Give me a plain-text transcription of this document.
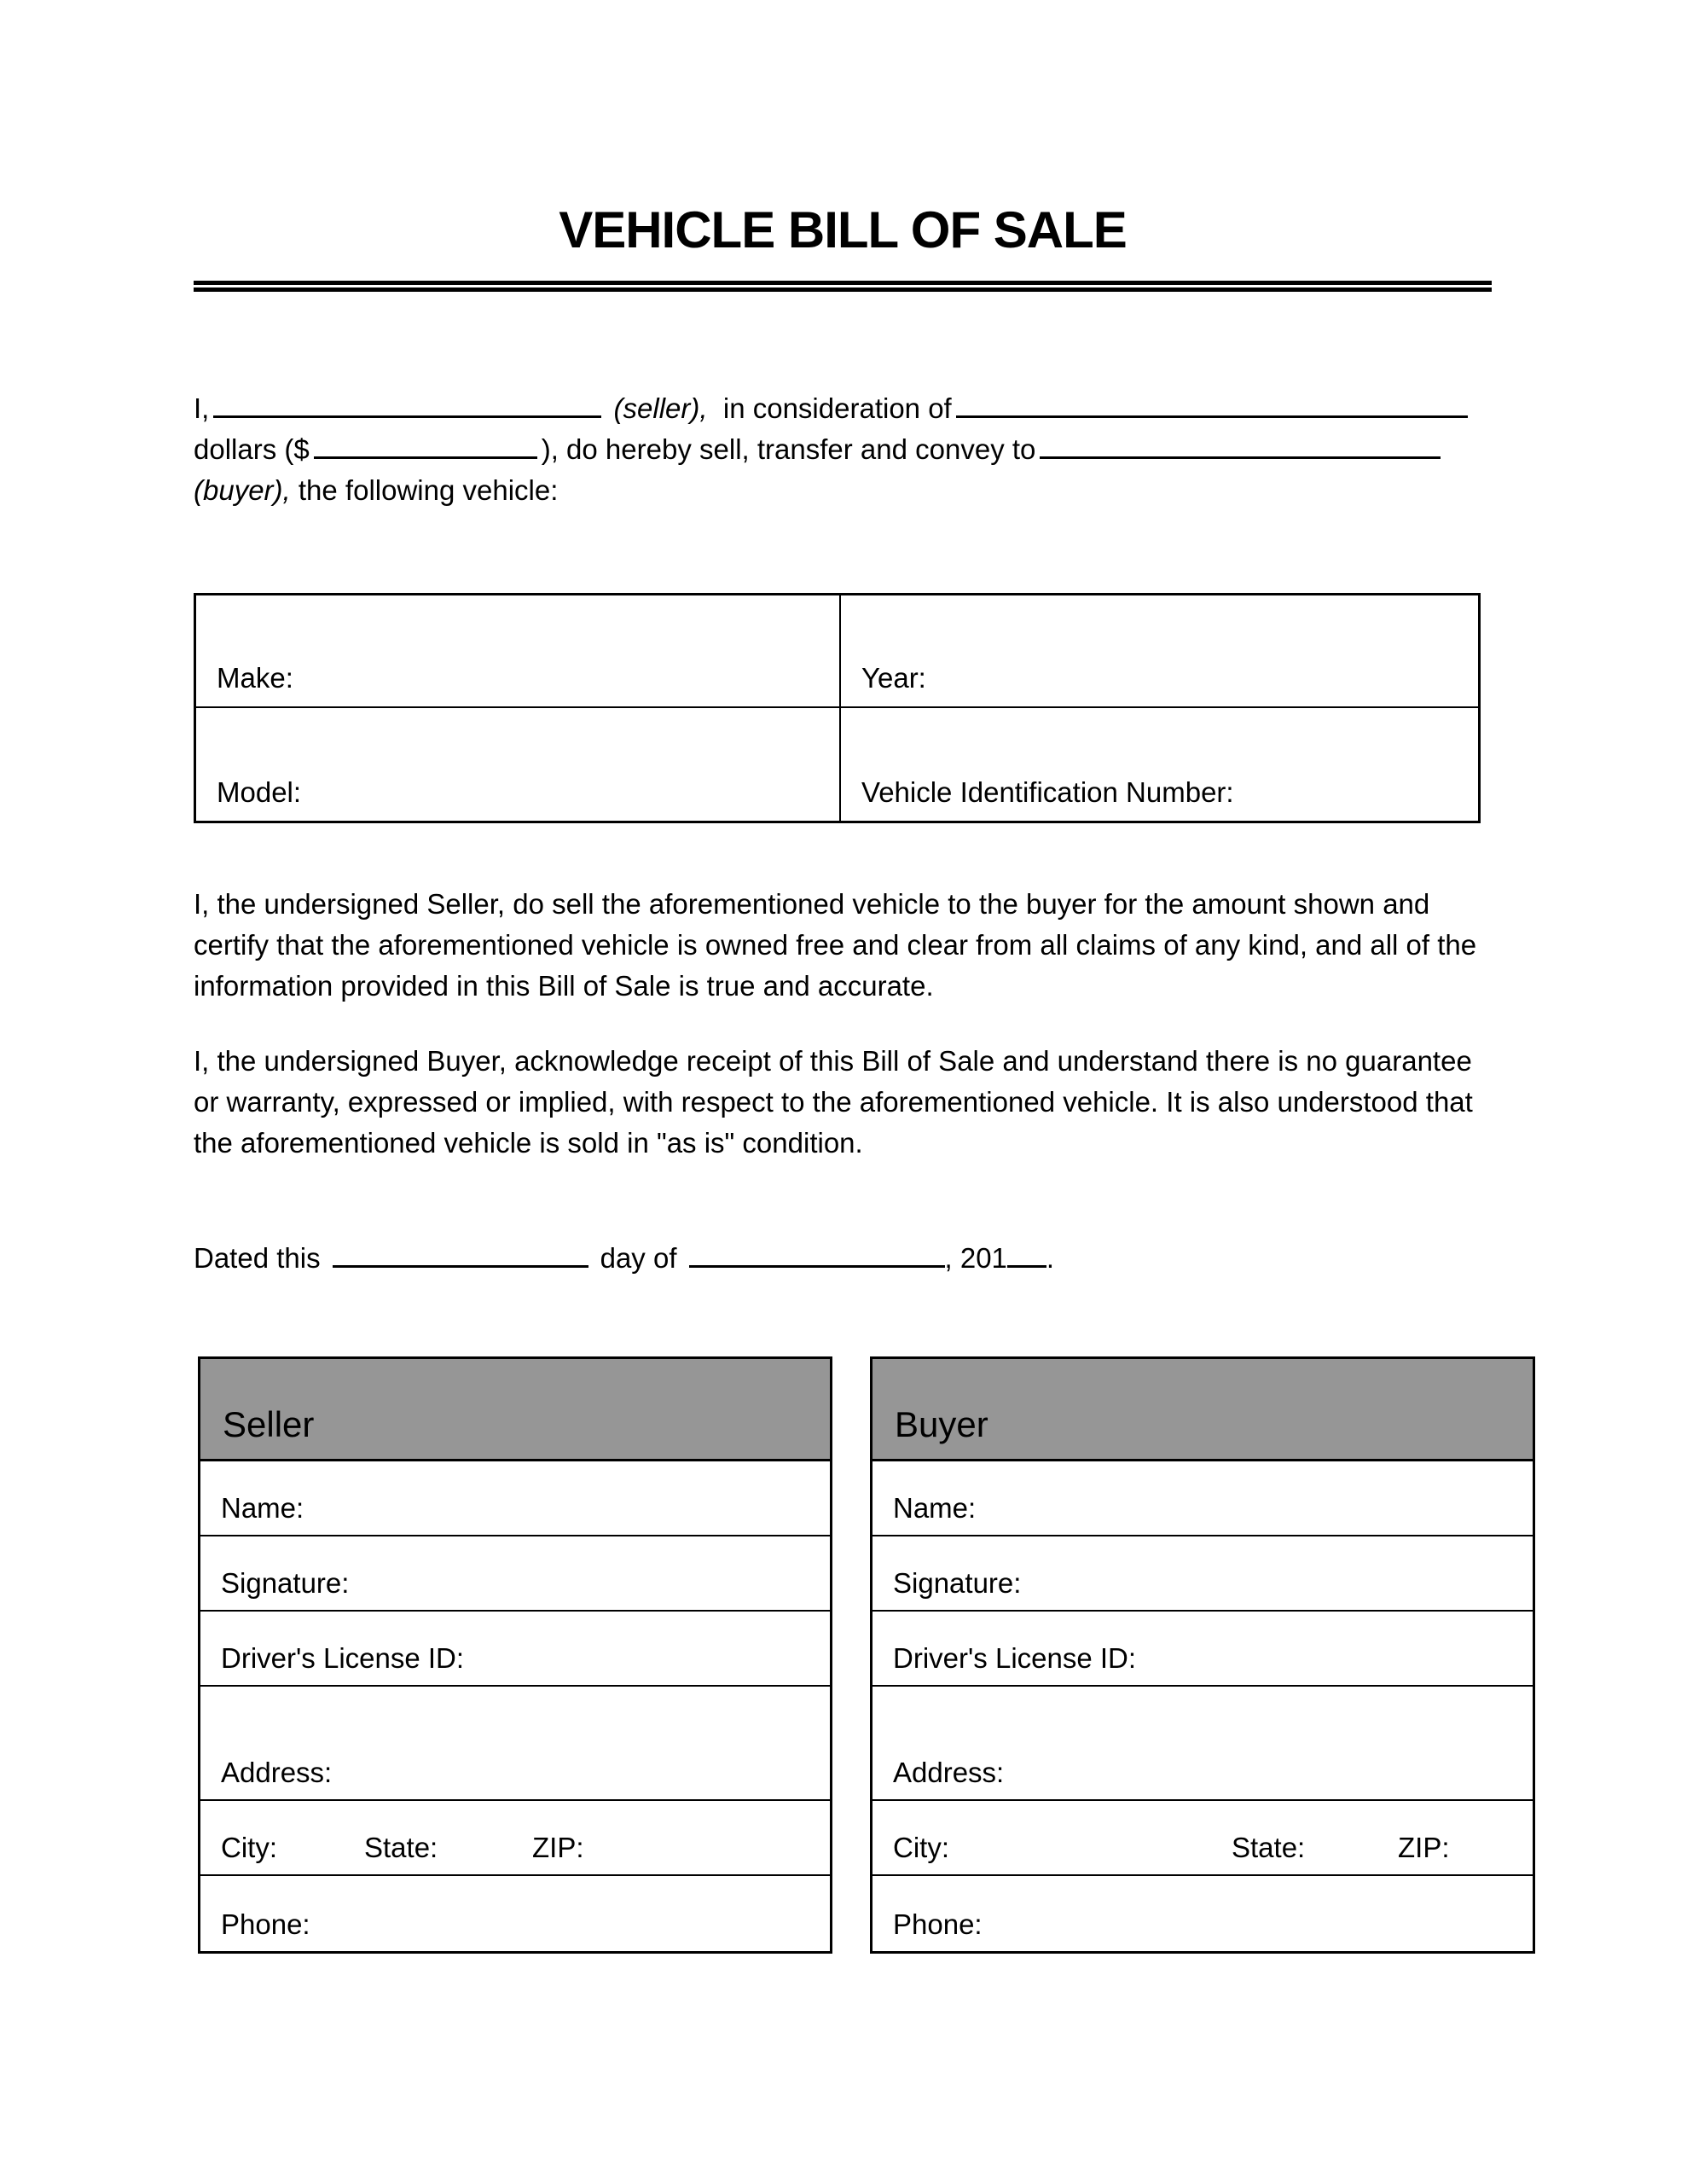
VEHICLE BILL OF SALE
I,	(seller), in consideration of
dollars ($	), do hereby sell, transfer and convey to
(buyer), the following vehicle:
Make:	Year:
Model:	Vehicle Identification Number:
I, the undersigned Seller, do sell the aforementioned vehicle to the buyer for the amount shown and
certify that the aforementioned vehicle is owned free and clear from all claims of any kind, and all of the
information provided in this Bill of Sale is true and accurate.
I, the undersigned Buyer, acknowledge receipt of this Bill of Sale and understand there is no guarantee
or warranty, expressed or implied, with respect to the aforementioned vehicle. It is also understood that
the aforementioned vehicle is sold in "as is" condition.
Dated this	day of	, 201 .
Seller
Name:
Signature:
Driver's License ID:
Address:
City:	State:	ZIP:
Phone:
Buyer
Name:
Signature:
Driver's License ID:
Address:
City:	State:	ZIP:
Phone:
